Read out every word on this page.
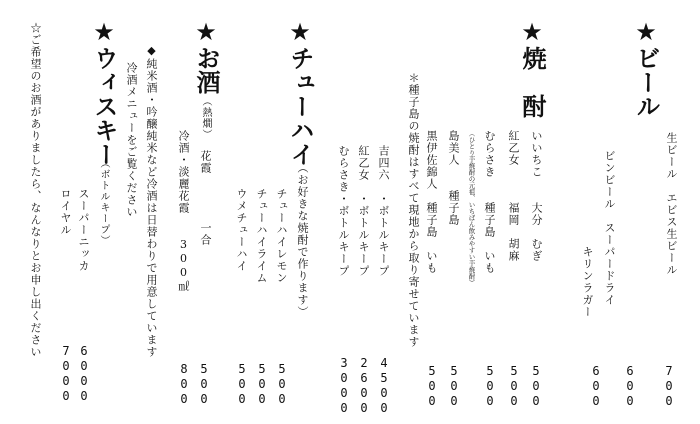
★ビール
生ビール　エビス生ビール
ビンビール　スーパードライ
キリンラガー
700
600
600
★焼　酎
いいちこ　　大分　むぎ
紅乙女　　　福岡　胡麻
むらさき　　種子島　いも
（ひとり芋焼酎の元祖、いちばん飲みやすい芋焼酎）
島美人　　種子島
黒伊佐錦人　種子島　いも
500
500
500
500
500
＊種子島の焼酎はすべて現地から取り寄せています
吉四六　・ボトルキープ
紅乙女　・ボトルキープ
むらさき・ボトルキープ
4500
2600
3000
★チューハイ
（お好きな焼酎で作ります）
チューハイレモン
チューハイライム
ウメチューハイ
500
500
500
★お酒
（熱燗）
花霞　　　　一合
冷酒・淡麗花霞　　300㎖
500
800
◆純米酒・吟醸純米など冷酒は日替わりで用意しています
冷酒メニューをご覧ください
★ウィスキー
（ボトルキープ）
スーパーニッカ
ロイヤル
6000
7000
☆ご希望のお酒がありましたら、なんなりとお申し出ください
